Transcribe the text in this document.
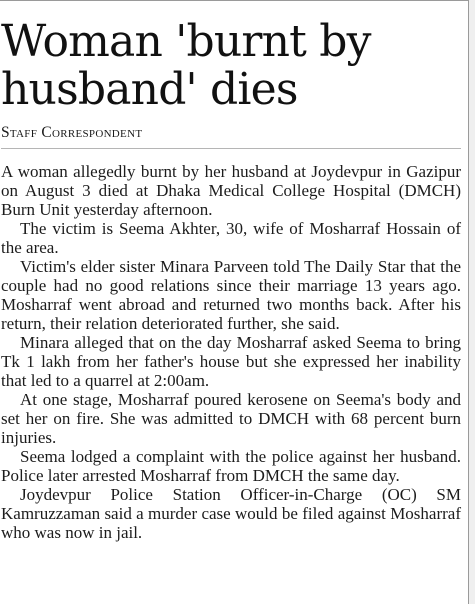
Woman 'burnt by husband' dies
Staff Correspondent

A woman allegedly burnt by her husband at Joydevpur in Gazipur on August 3 died at Dhaka Medical College Hospital (DMCH) Burn Unit yesterday afternoon.

The victim is Seema Akhter, 30, wife of Mosharraf Hossain of the area.

Victim's elder sister Minara Parveen told The Daily Star that the couple had no good relations since their marriage 13 years ago. Mosharraf went abroad and returned two months back. After his return, their relation deteriorated further, she said.

Minara alleged that on the day Mosharraf asked Seema to bring Tk 1 lakh from her father's house but she expressed her inability that led to a quarrel at 2:00am.

At one stage, Mosharraf poured kerosene on Seema's body and set her on fire. She was admitted to DMCH with 68 percent burn injuries.

Seema lodged a complaint with the police against her husband. Police later arrested Mosharraf from DMCH the same day.

Joydevpur Police Station Officer-in-Charge (OC) SM Kamruzzaman said a murder case would be filed against Mosharraf who was now in jail.
